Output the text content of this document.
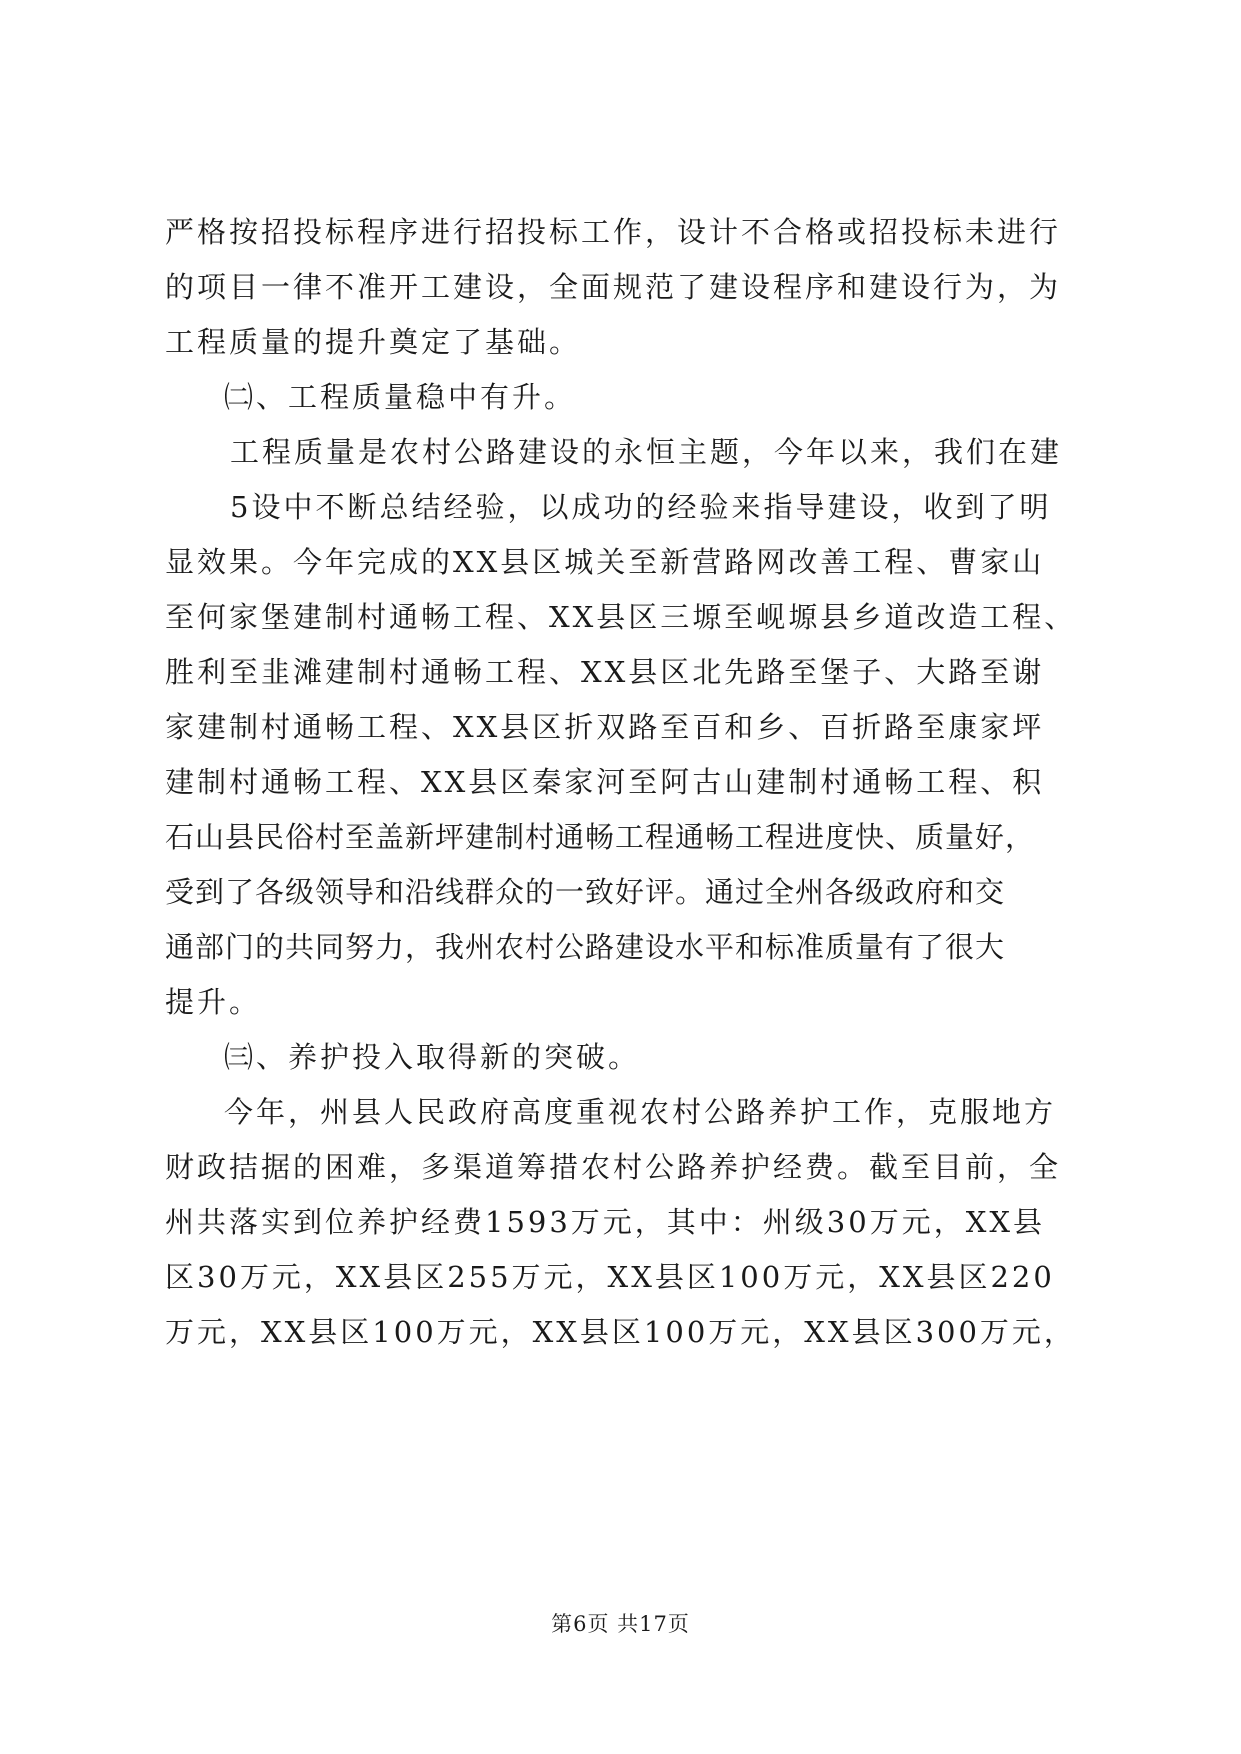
严格按招投标程序进行招投标工作，设计不合格或招投标未进行
的项目一律不准开工建设，全面规范了建设程序和建设行为，为
工程质量的提升奠定了基础。
㈡、工程质量稳中有升。
工程质量是农村公路建设的永恒主题，今年以来，我们在建
5设中不断总结经验，以成功的经验来指导建设，收到了明
显效果。今年完成的XX县区城关至新营路网改善工程、曹家山
至何家堡建制村通畅工程、XX县区三塬至岘塬县乡道改造工程、
胜利至韭滩建制村通畅工程、XX县区北先路至堡子、大路至谢
家建制村通畅工程、XX县区折双路至百和乡、百折路至康家坪
建制村通畅工程、XX县区秦家河至阿古山建制村通畅工程、积
石山县民俗村至盖新坪建制村通畅工程通畅工程进度快、质量好，
受到了各级领导和沿线群众的一致好评。通过全州各级政府和交
通部门的共同努力，我州农村公路建设水平和标准质量有了很大
提升。
㈢、养护投入取得新的突破。
今年，州县人民政府高度重视农村公路养护工作，克服地方
财政拮据的困难，多渠道筹措农村公路养护经费。截至目前，全
州共落实到位养护经费1593万元，其中：州级30万元，XX县
区30万元，XX县区255万元，XX县区100万元，XX县区220
万元，XX县区100万元，XX县区100万元，XX县区300万元，
第6页 共17页
